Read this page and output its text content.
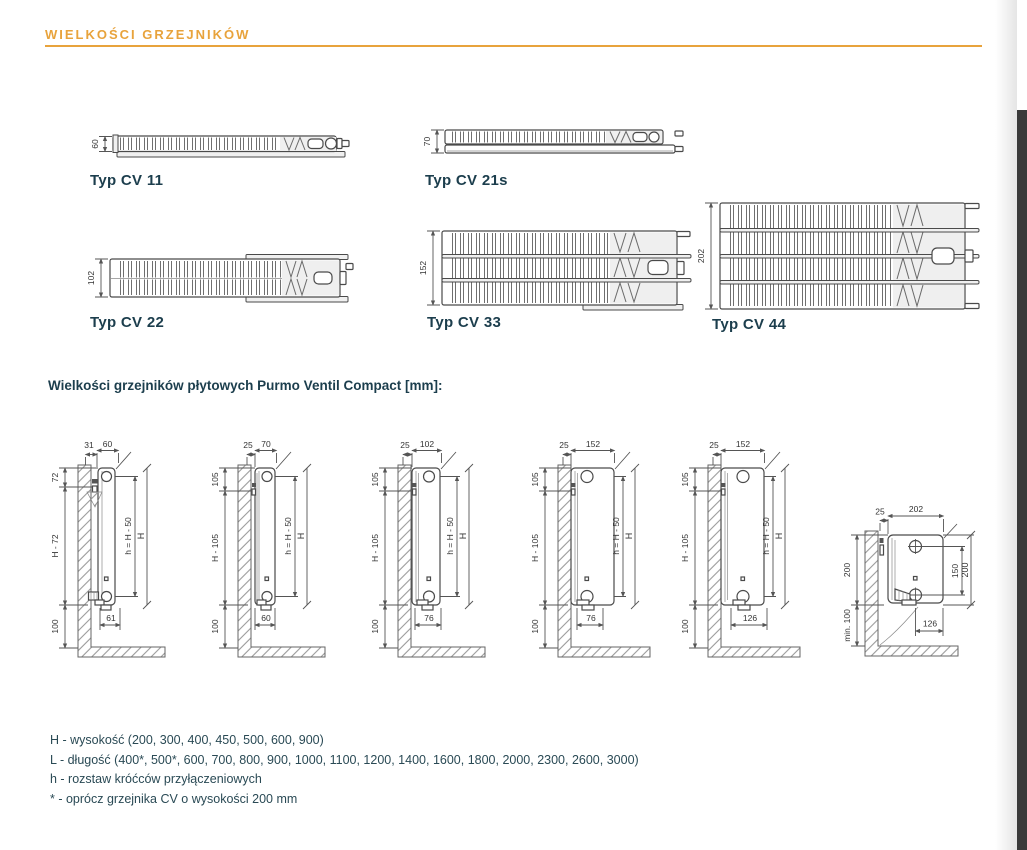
WIELKOŚCI GRZEJNIKÓW
60
Typ CV 11
70
Typ CV 21s
102
Typ CV 22
152
Typ CV 33
202
Typ CV 44
Wielkości grzejników płytowych Purmo Ventil Compact [mm]:
60
31
72
H - 72
100
h = H - 50 H
61
70
25
105
H - 105
100
h = H - 50 H
60
102
25
105
H - 105
100
h = H - 50 H
76
152
25
105
H - 105
100
h = H - 50 H
76
152
25
105
H - 105
100
h = H - 50 H
126
202
25
200
min. 100
150 200
126
H - wysokość (200, 300, 400, 450, 500, 600, 900)
L - długość (400*, 500*, 600, 700, 800, 900, 1000, 1100, 1200, 1400, 1600, 1800, 2000, 2300, 2600, 3000)
h - rozstaw króćców przyłączeniowych
* - oprócz grzejnika CV o wysokości 200 mm
